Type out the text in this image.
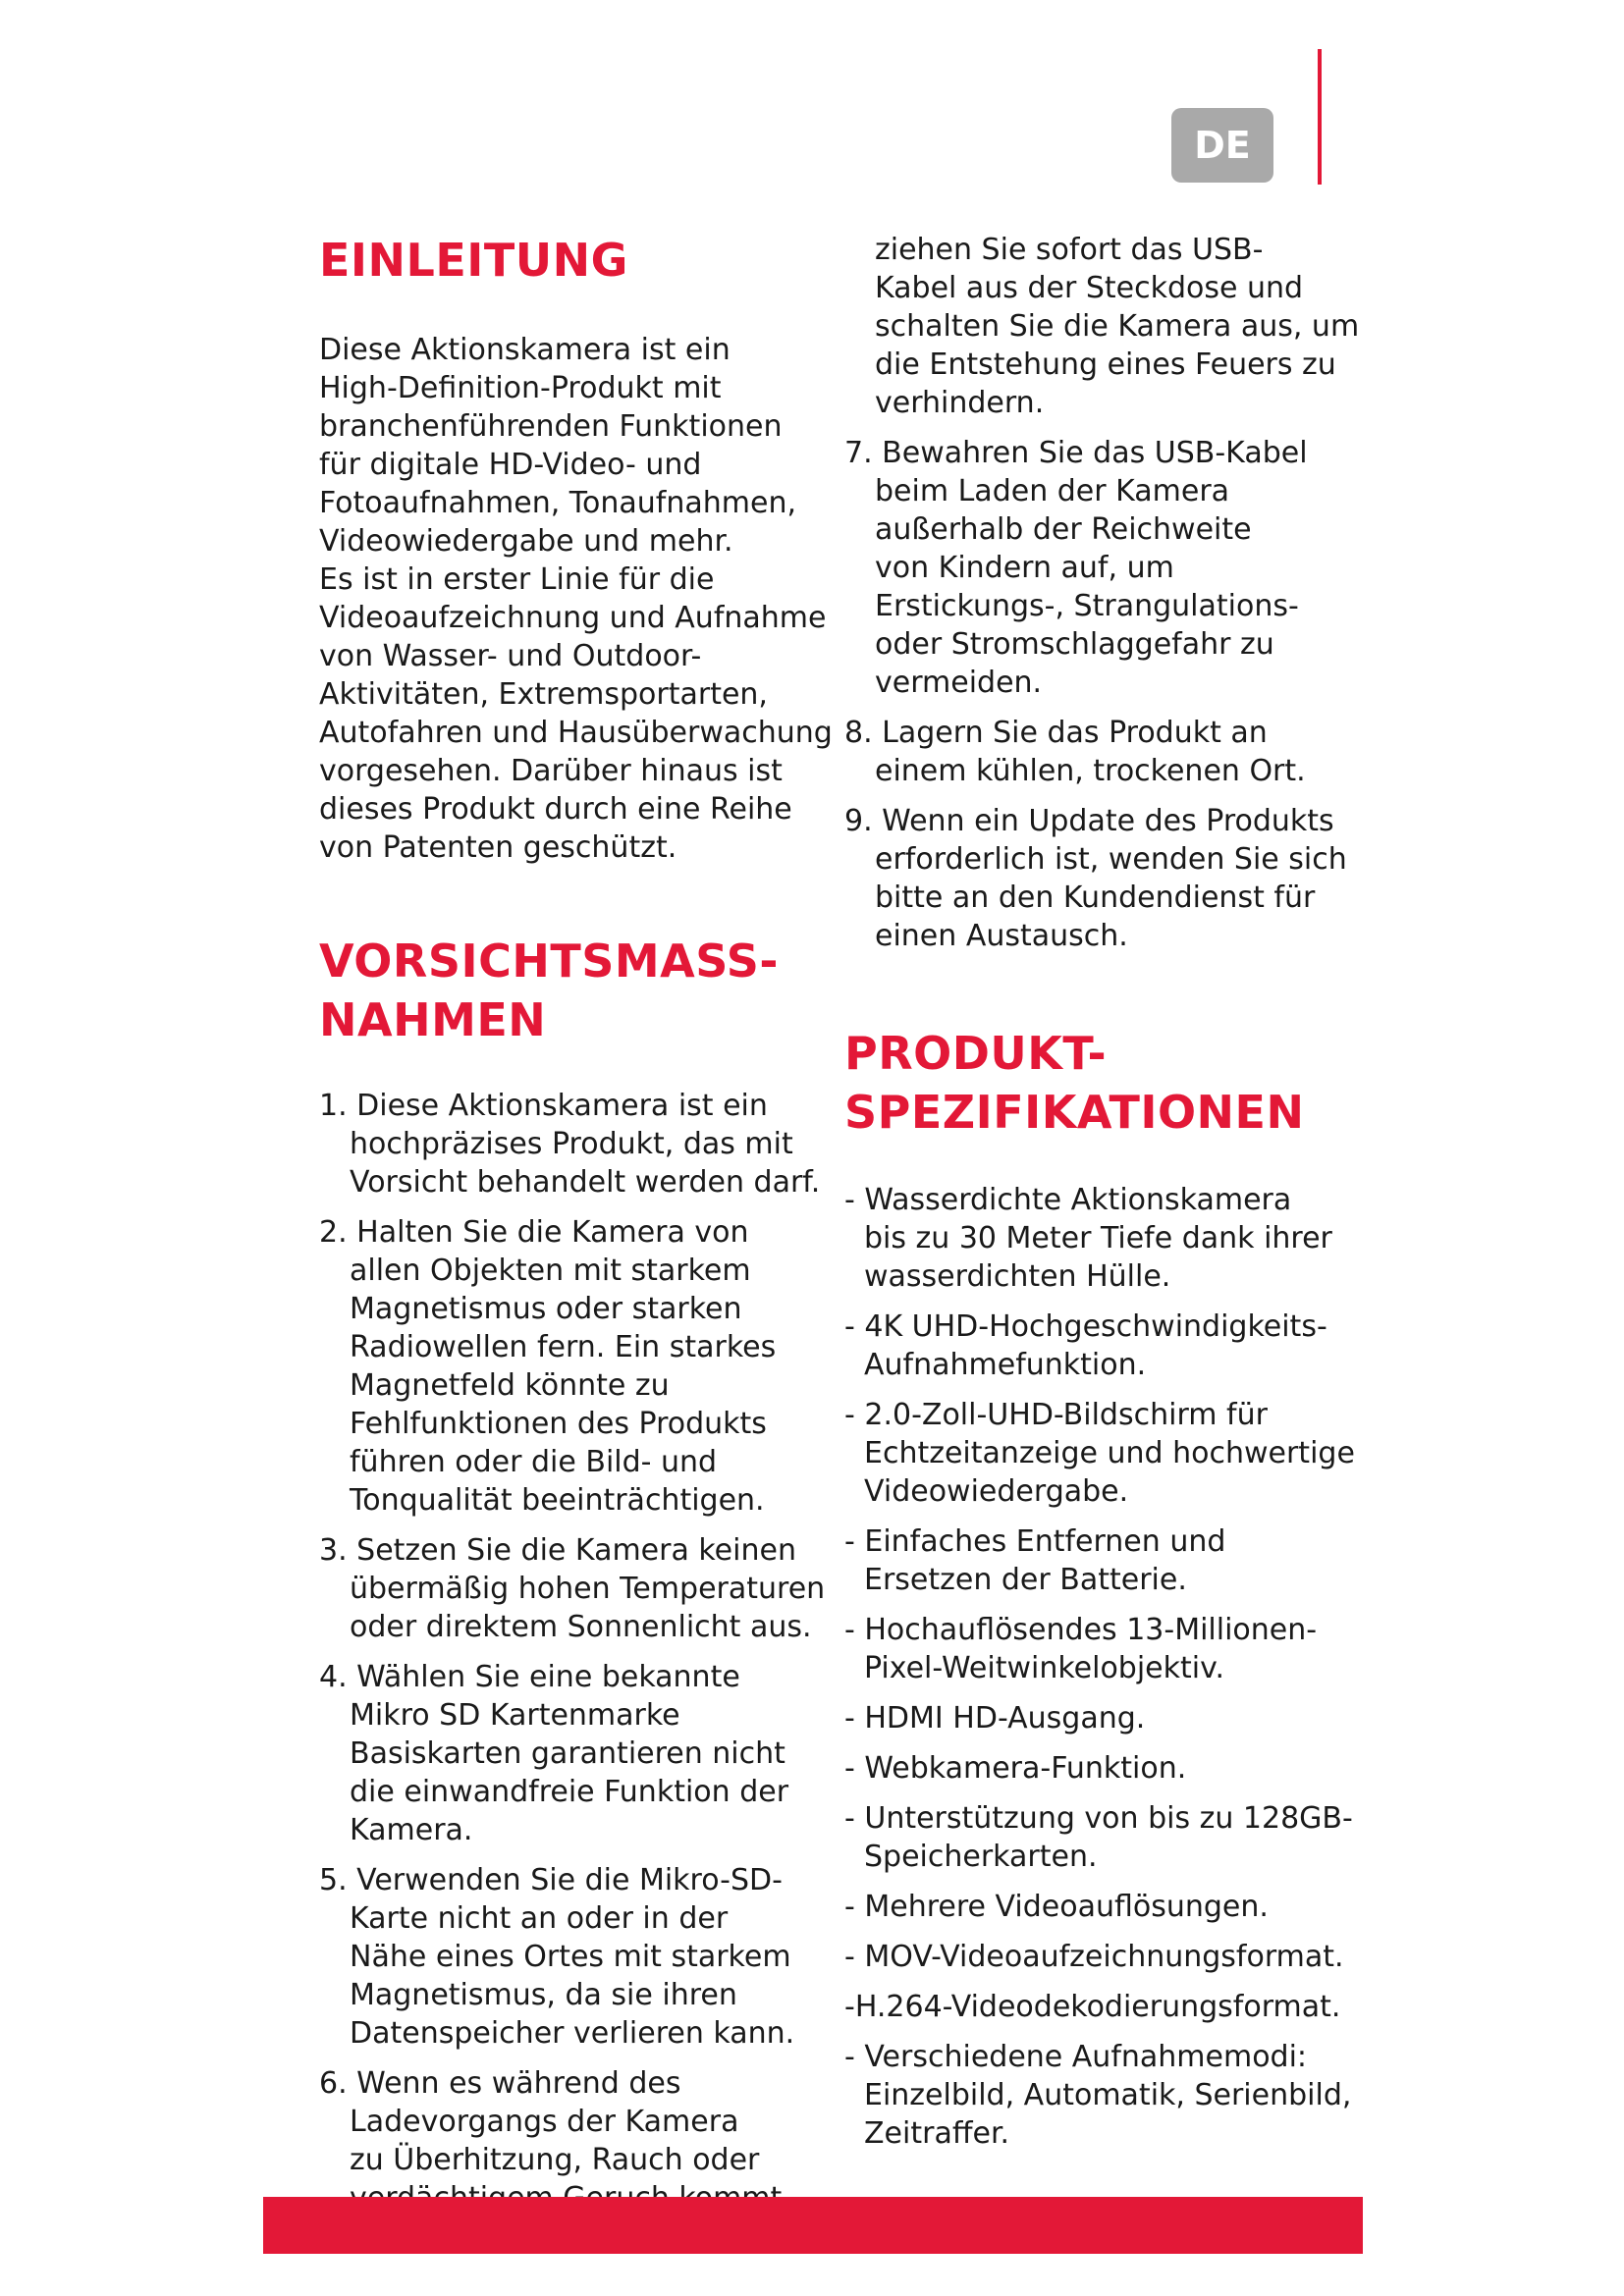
DE
EINLEITUNG

Diese Aktionskamera ist ein
High-Definition-Produkt mit
branchenführenden Funktionen
für digitale HD-Video- und
Fotoaufnahmen, Tonaufnahmen,
Videowiedergabe und mehr.
Es ist in erster Linie für die
Videoaufzeichnung und Aufnahme
von Wasser- und Outdoor-
Aktivitäten, Extremsportarten,
Autofahren und Hausüberwachung
vorgesehen. Darüber hinaus ist
dieses Produkt durch eine Reihe
von Patenten geschützt.

VORSICHTSMASS-
NAHMEN
1. Diese Aktionskamera ist ein
hochpräzises Produkt, das mit
Vorsicht behandelt werden darf.
2. Halten Sie die Kamera von
allen Objekten mit starkem
Magnetismus oder starken
Radiowellen fern. Ein starkes
Magnetfeld könnte zu
Fehlfunktionen des Produkts
führen oder die Bild- und
Tonqualität beeinträchtigen.
3. Setzen Sie die Kamera keinen
übermäßig hohen Temperaturen
oder direktem Sonnenlicht aus.
4. Wählen Sie eine bekannte
Mikro SD Kartenmarke
Basiskarten garantieren nicht
die einwandfreie Funktion der
Kamera.
5. Verwenden Sie die Mikro-SD-
Karte nicht an oder in der
Nähe eines Ortes mit starkem
Magnetismus, da sie ihren
Datenspeicher verlieren kann.
6. Wenn es während des
Ladevorgangs der Kamera
zu Überhitzung, Rauch oder

ziehen Sie sofort das USB-
Kabel aus der Steckdose und
schalten Sie die Kamera aus, um
die Entstehung eines Feuers zu
verhindern.

7. Bewahren Sie das USB-Kabel
beim Laden der Kamera
außerhalb der Reichweite
von Kindern auf, um
Erstickungs-, Strangulations-
oder Stromschlaggefahr zu
vermeiden.
8. Lagern Sie das Produkt an
einem kühlen, trockenen Ort.
9. Wenn ein Update des Produkts
erforderlich ist, wenden Sie sich
bitte an den Kundendienst für
einen Austausch.
PRODUKT-
SPEZIFIKATIONEN
- Wasserdichte Aktionskamera
bis zu 30 Meter Tiefe dank ihrer
wasserdichten Hülle.
- 4K UHD-Hochgeschwindigkeits-
Aufnahmefunktion.
- 2.0-Zoll-UHD-Bildschirm für
Echtzeitanzeige und hochwertige
Videowiedergabe.
- Einfaches Entfernen und
Ersetzen der Batterie.
- Hochauflösendes 13-Millionen-
Pixel-Weitwinkelobjektiv.
- HDMI HD-Ausgang.
- Webkamera-Funktion.
- Unterstützung von bis zu 128GB-
Speicherkarten.
- Mehrere Videoauflösungen.
- MOV-Videoaufzeichnungsformat.
-H.264-Videodekodierungsformat.
- Verschiedene Aufnahmemodi:
Einzelbild, Automatik, Serienbild,
Zeitraffer.
